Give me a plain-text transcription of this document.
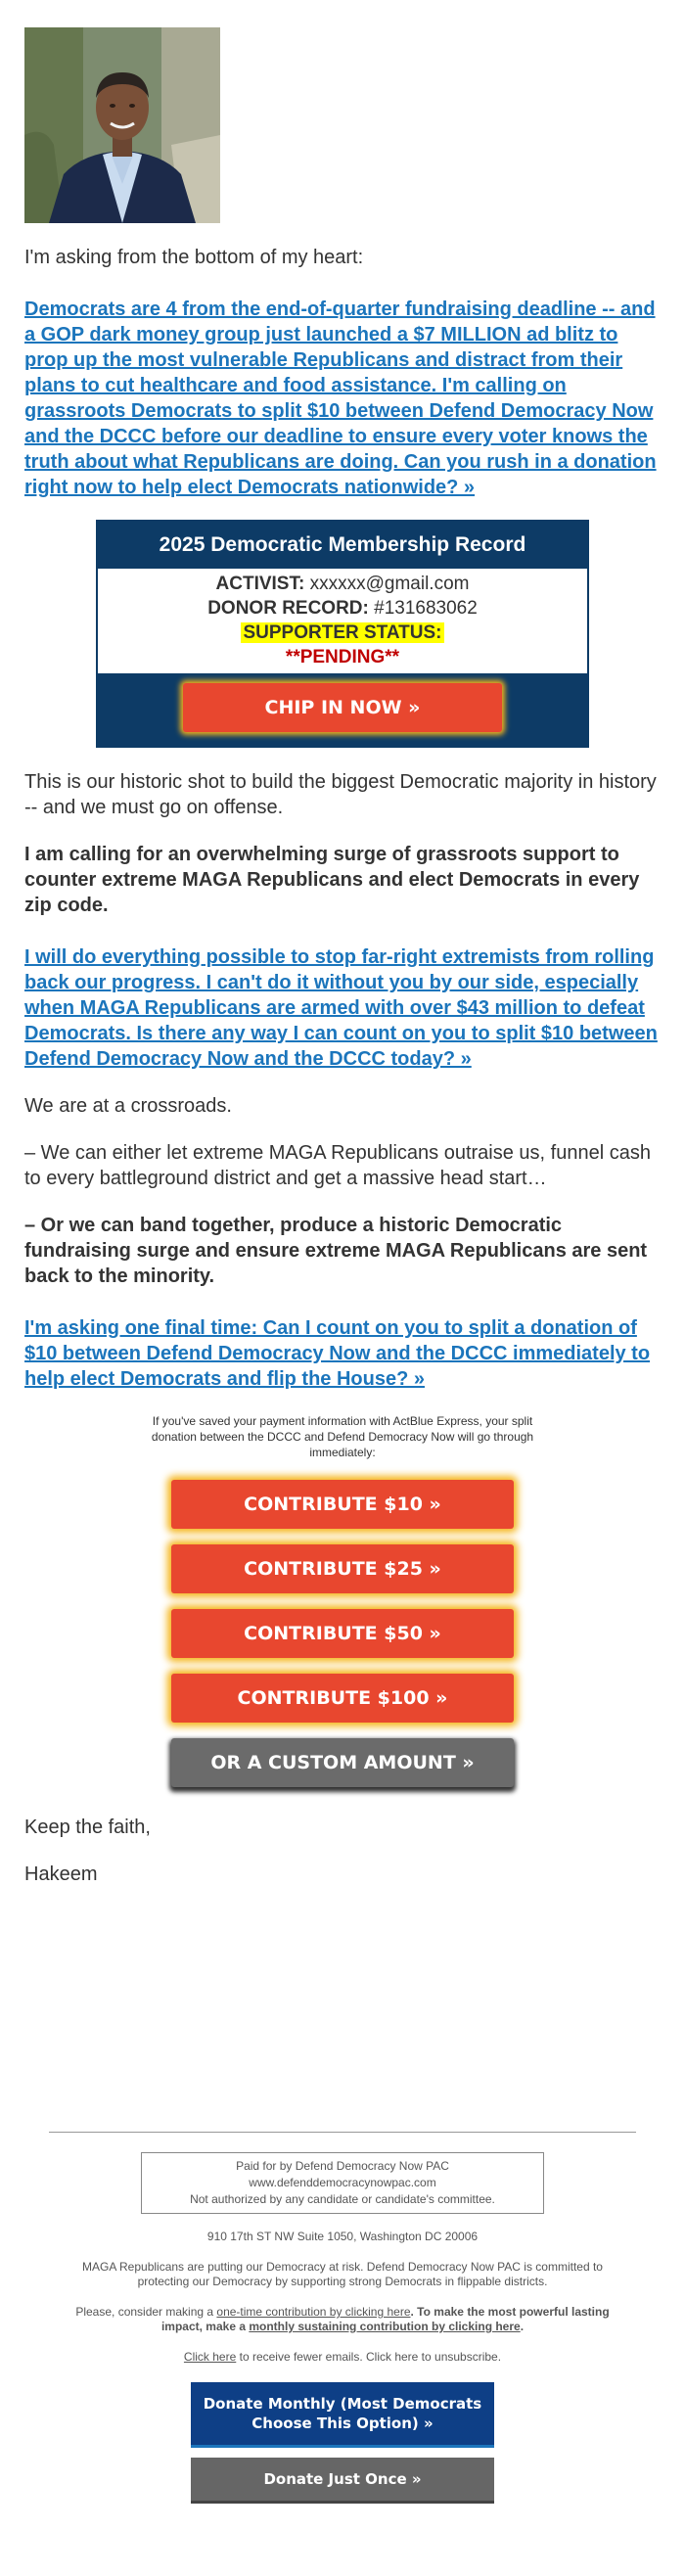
I'm asking from the bottom of my heart:

Democrats are 4 from the end-of-quarter fundraising deadline -- and a GOP dark money group just launched a $7 MILLION ad blitz to prop up the most vulnerable Republicans and distract from their plans to cut healthcare and food assistance. I'm calling on grassroots Democrats to split $10 between Defend Democracy Now and the DCCC before our deadline to ensure every voter knows the truth about what Republicans are doing. Can you rush in a donation right now to help elect Democrats nationwide? »
2025 Democratic Membership Record
ACTIVIST: xxxxxx@gmail.com
DONOR RECORD: #131683062
SUPPORTER STATUS:
**PENDING**
CHIP IN NOW »

This is our historic shot to build the biggest Democratic majority in history -- and we must go on offense.

I am calling for an overwhelming surge of grassroots support to counter extreme MAGA Republicans and elect Democrats in every zip code.

I will do everything possible to stop far-right extremists from rolling back our progress. I can't do it without you by our side, especially when MAGA Republicans are armed with over $43 million to defeat Democrats. Is there any way I can count on you to split $10 between Defend Democracy Now and the DCCC today? »

We are at a crossroads.

– We can either let extreme MAGA Republicans outraise us, funnel cash to every battleground district and get a massive head start…

– Or we can band together, produce a historic Democratic fundraising surge and ensure extreme MAGA Republicans are sent back to the minority.

I'm asking one final time: Can I count on you to split a donation of $10 between Defend Democracy Now and the DCCC immediately to help elect Democrats and flip the House? »
If you've saved your payment information with ActBlue Express, your split donation between the DCCC and Defend Democracy Now will go through immediately:
CONTRIBUTE $10 »
CONTRIBUTE $25 »
CONTRIBUTE $50 »
CONTRIBUTE $100 »
OR A CUSTOM AMOUNT »

Keep the faith,

Hakeem

Paid for by Defend Democracy Now PAC
www.defenddemocracynowpac.com
Not authorized by any candidate or candidate's committee.
910 17th ST NW Suite 1050, Washington DC 20006
MAGA Republicans are putting our Democracy at risk. Defend Democracy Now PAC is committed to protecting our Democracy by supporting strong Democrats in flippable districts.
Please, consider making a one-time contribution by clicking here. To make the most powerful lasting impact, make a monthly sustaining contribution by clicking here.
Click here to receive fewer emails. Click here to unsubscribe.
Donate Monthly (Most Democrats Choose This Option) »
Donate Just Once »
